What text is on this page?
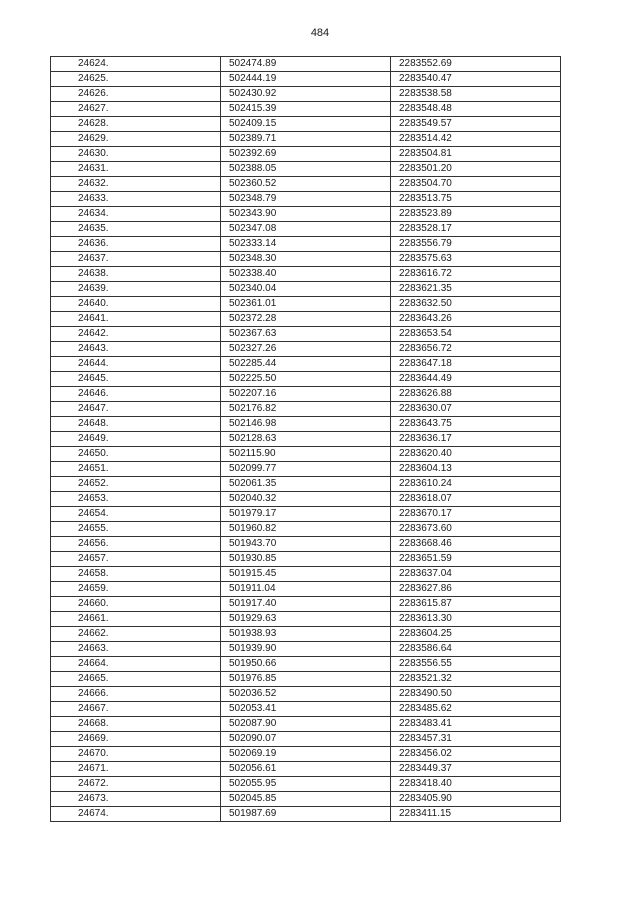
484
24624.	502474.89	2283552.69
24625.	502444.19	2283540.47
24626.	502430.92	2283538.58
24627.	502415.39	2283548.48
24628.	502409.15	2283549.57
24629.	502389.71	2283514.42
24630.	502392.69	2283504.81
24631.	502388.05	2283501.20
24632.	502360.52	2283504.70
24633.	502348.79	2283513.75
24634.	502343.90	2283523.89
24635.	502347.08	2283528.17
24636.	502333.14	2283556.79
24637.	502348.30	2283575.63
24638.	502338.40	2283616.72
24639.	502340.04	2283621.35
24640.	502361.01	2283632.50
24641.	502372.28	2283643.26
24642.	502367.63	2283653.54
24643.	502327.26	2283656.72
24644.	502285.44	2283647.18
24645.	502225.50	2283644.49
24646.	502207.16	2283626.88
24647.	502176.82	2283630.07
24648.	502146.98	2283643.75
24649.	502128.63	2283636.17
24650.	502115.90	2283620.40
24651.	502099.77	2283604.13
24652.	502061.35	2283610.24
24653.	502040.32	2283618.07
24654.	501979.17	2283670.17
24655.	501960.82	2283673.60
24656.	501943.70	2283668.46
24657.	501930.85	2283651.59
24658.	501915.45	2283637.04
24659.	501911.04	2283627.86
24660.	501917.40	2283615.87
24661.	501929.63	2283613.30
24662.	501938.93	2283604.25
24663.	501939.90	2283586.64
24664.	501950.66	2283556.55
24665.	501976.85	2283521.32
24666.	502036.52	2283490.50
24667.	502053.41	2283485.62
24668.	502087.90	2283483.41
24669.	502090.07	2283457.31
24670.	502069.19	2283456.02
24671.	502056.61	2283449.37
24672.	502055.95	2283418.40
24673.	502045.85	2283405.90
24674.	501987.69	2283411.15
